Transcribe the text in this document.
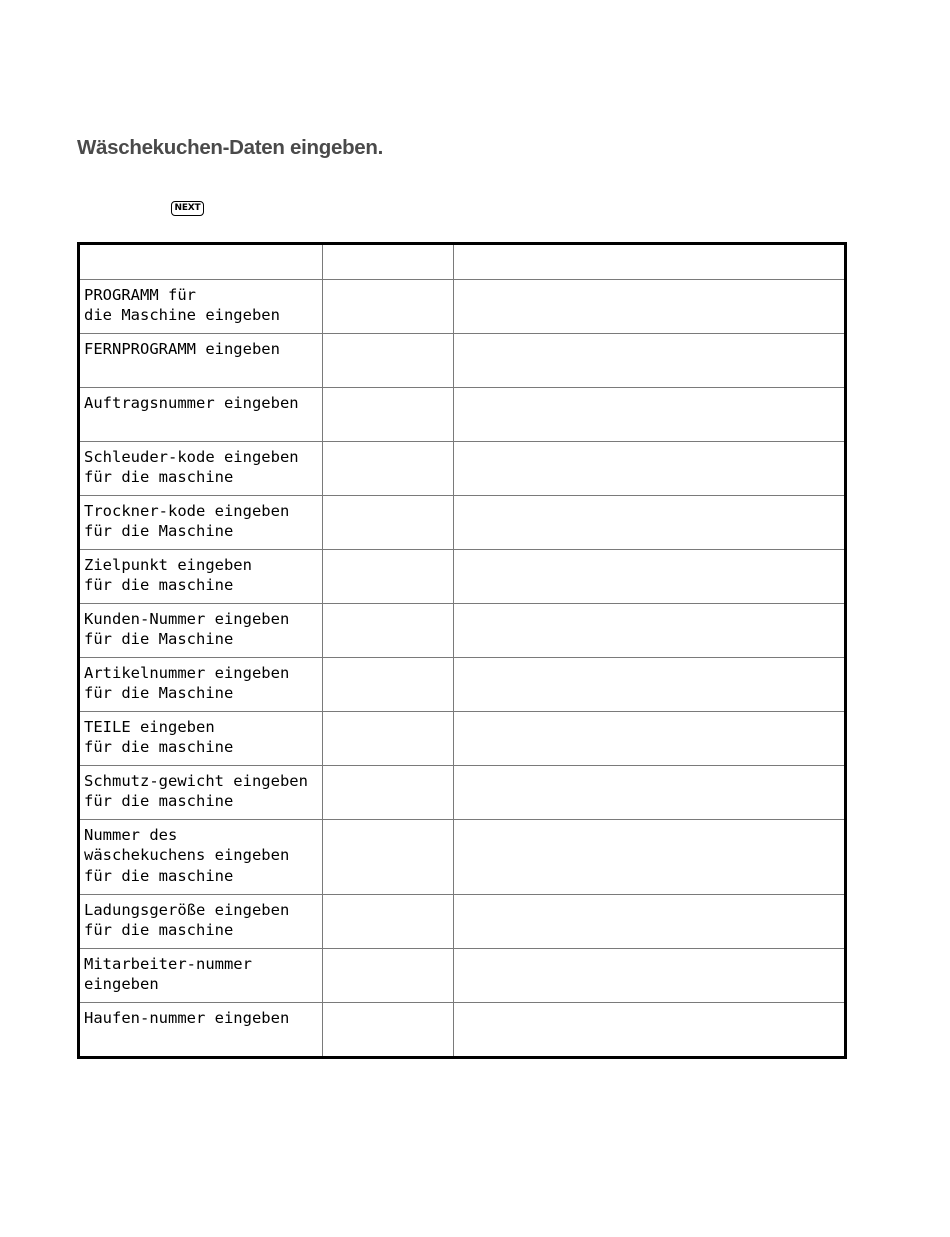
Wäschekuchen-Daten eingeben.
NEXT

PROGRAMM für
die Maschine eingeben		
FERNPROGRAMM eingeben		
Auftragsnummer eingeben		
Schleuder-kode eingeben
für die maschine		
Trockner-kode eingeben
für die Maschine		
Zielpunkt eingeben
für die maschine		
Kunden-Nummer eingeben
für die Maschine		
Artikelnummer eingeben
für die Maschine		
TEILE eingeben
für die maschine		
Schmutz-gewicht eingeben
für die maschine		
Nummer des
wäschekuchens eingeben
für die maschine		
Ladungsgeröße eingeben
für die maschine		
Mitarbeiter-nummer
eingeben		
Haufen-nummer eingeben		
